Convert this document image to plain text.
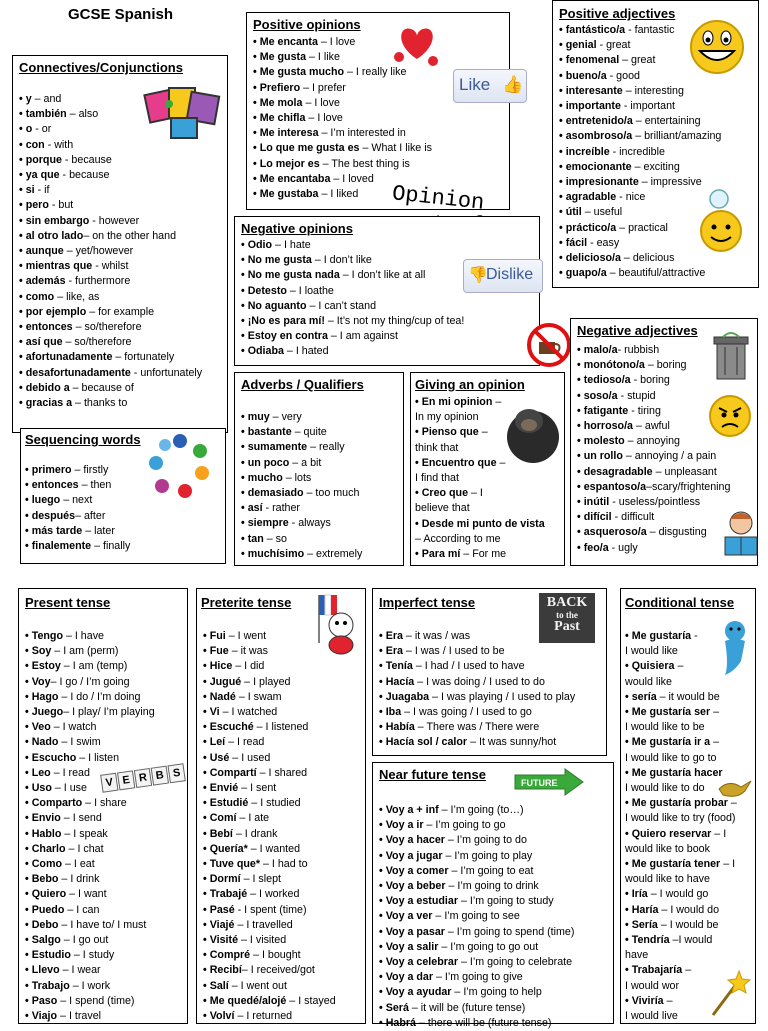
GCSE Spanish
Connectives/Conjunctions
• y – and
• también – also
• o - or
• con - with
• porque - because
• ya que - because
• si - if
• pero - but
• sin embargo - however
• al otro lado– on the other hand
• aunque – yet/however
• mientras que - whilst
• además - furthermore
• como – like, as
• por ejemplo – for example
• entonces – so/therefore
• así que – so/therefore
• afortunadamente – fortunately
• desafortunadamente - unfortunately
• debido a – because of
• gracias a – thanks to
Sequencing words
• primero – firstly
• entonces – then
• luego – next
• después– after
• más tarde – later
• finalemente – finally
Positive opinions
• Me encanta – I love
• Me gusta – I like
• Me gusta mucho – I really like
• Prefiero – I prefer
• Me mola – I love
• Me chifla – I love
• Me interesa – I’m interested in
• Lo que me gusta es – What I like is
• Lo mejor es – The best thing is
• Me encantaba – I loved
• Me gustaba – I liked
Like 👍
Opinion
Negative opinions
• Odio – I hate
• No me gusta – I don’t like
• No me gusta nada – I don’t like at all
• Detesto – I loathe
• No aguanto – I can’t stand
• ¡No es para mí! – It’s not my thing/cup of tea!
• Estoy en contra – I am against
• Odiaba – I hated
👎
Dislike
Positive adjectives
• fantástico/a - fantastic
• genial - great
• fenomenal – great
• bueno/a - good
• interesante – interesting
• importante - important
• entretenido/a – entertaining
• asombroso/a – brilliant/amazing
• increíble - incredible
• emocionante – exciting
• impresionante – impressive
• agradable - nice
• útil – useful
• práctico/a – practical
• fácil - easy
• delicioso/a – delicious
• guapo/a – beautiful/attractive
Negative adjectives
• malo/a- rubbish
• monótono/a – boring
• tedioso/a - boring
• soso/a - stupid
• fatigante - tiring
• horroso/a – awful
• molesto – annoying
• un rollo – annoying / a pain
• desagradable – unpleasant
• espantoso/a–scary/frightening
• inútil - useless/pointless
• difícil - difficult
• asqueroso/a – disgusting
• feo/a - ugly
Adverbs / Qualifiers
• muy – very
• bastante – quite
• sumamente – really
• un poco – a bit
• mucho – lots
• demasiado – too much
• así - rather
• siempre - always
• tan – so
• muchísimo – extremely
Giving an opinion
• En mi opinion –
In my opinion
• Pienso que –
think that
• Encuentro que –
I find that
• Creo que – I
believe that
• Desde mi punto de vista
– According to me
• Para mí – For me
Present tense
• Tengo – I have
• Soy – I am (perm)
• Estoy – I am (temp)
• Voy– I go / I’m going
• Hago – I do / I’m doing
• Juego– I play/ I’m playing
• Veo – I watch
• Nado – I swim
• Escucho – I listen
• Leo – I read
• Uso – I use
• Comparto – I share
• Envio – I send
• Hablo – I speak
• Charlo – I chat
• Como – I eat
• Bebo – I drink
• Quiero – I want
• Puedo – I can
• Debo – I have to/ I must
• Salgo – I go out
• Estudio – I study
• Llevo – I wear
• Trabajo – I work
• Paso – I spend (time)
• Viajo – I travel
V E R B S
Preterite tense
• Fui – I went
• Fue – it was
• Hice – I did
• Jugué – I played
• Nadé – I swam
• Vi – I watched
• Escuché – I listened
• Leí – I read
• Usé – I used
• Compartí – I shared
• Envié – I sent
• Estudié – I studied
• Comí – I ate
• Bebí – I drank
• Quería* – I wanted
• Tuve que* – I had to
• Dormí – I slept
• Trabajé – I worked
• Pasé - I spent (time)
• Viajé – I travelled
• Visité – I visited
• Compré – I bought
• Recibí– I received/got
• Salí – I went out
• Me quedé/alojé – I stayed
• Volví – I returned
Imperfect tense
• Era – it was / was
• Era – I was / I used to be
• Tenía – I had / I used to have
• Hacía – I was doing / I used to do
• Juagaba – I was playing / I used to play
• Iba – I was going / I used to go
• Había – There was / There were
• Hacía sol / calor – It was sunny/hot
BACK
to the
Past
Near future tense
• Voy a + inf – I’m going (to…)
• Voy a ir – I’m going to go
• Voy a hacer – I’m going to do
• Voy a jugar – I’m going to play
• Voy a comer – I’m going to eat
• Voy a beber – I’m going to drink
• Voy a estudiar – I’m going to study
• Voy a ver – I’m going to see
• Voy a pasar – I’m going to spend (time)
• Voy a salir – I’m going to go out
• Voy a celebrar – I’m going to celebrate
• Voy a dar – I’m going to give
• Voy a ayudar – I’m going to help
• Será – it will be (future tense)
• Habrá – there will be (future tense)
FUTURE
Conditional tense
• Me gustaría -
I would like
• Quisiera –
would like
• sería – it would be
• Me gustaría ser –
I would like to be
• Me gustaría ir a –
I would like to go to
• Me gustaría hacer
I would like to do
• Me gustaría probar –
I would like to try (food)
• Quiero reservar – I
would like to book
• Me gustaría tener – I
would like to have
• Iría – I would go
• Haría – I would do
• Sería – I would be
• Tendría –I would
have
• Trabajaría –
I would wor
• Viviría –
I would live
